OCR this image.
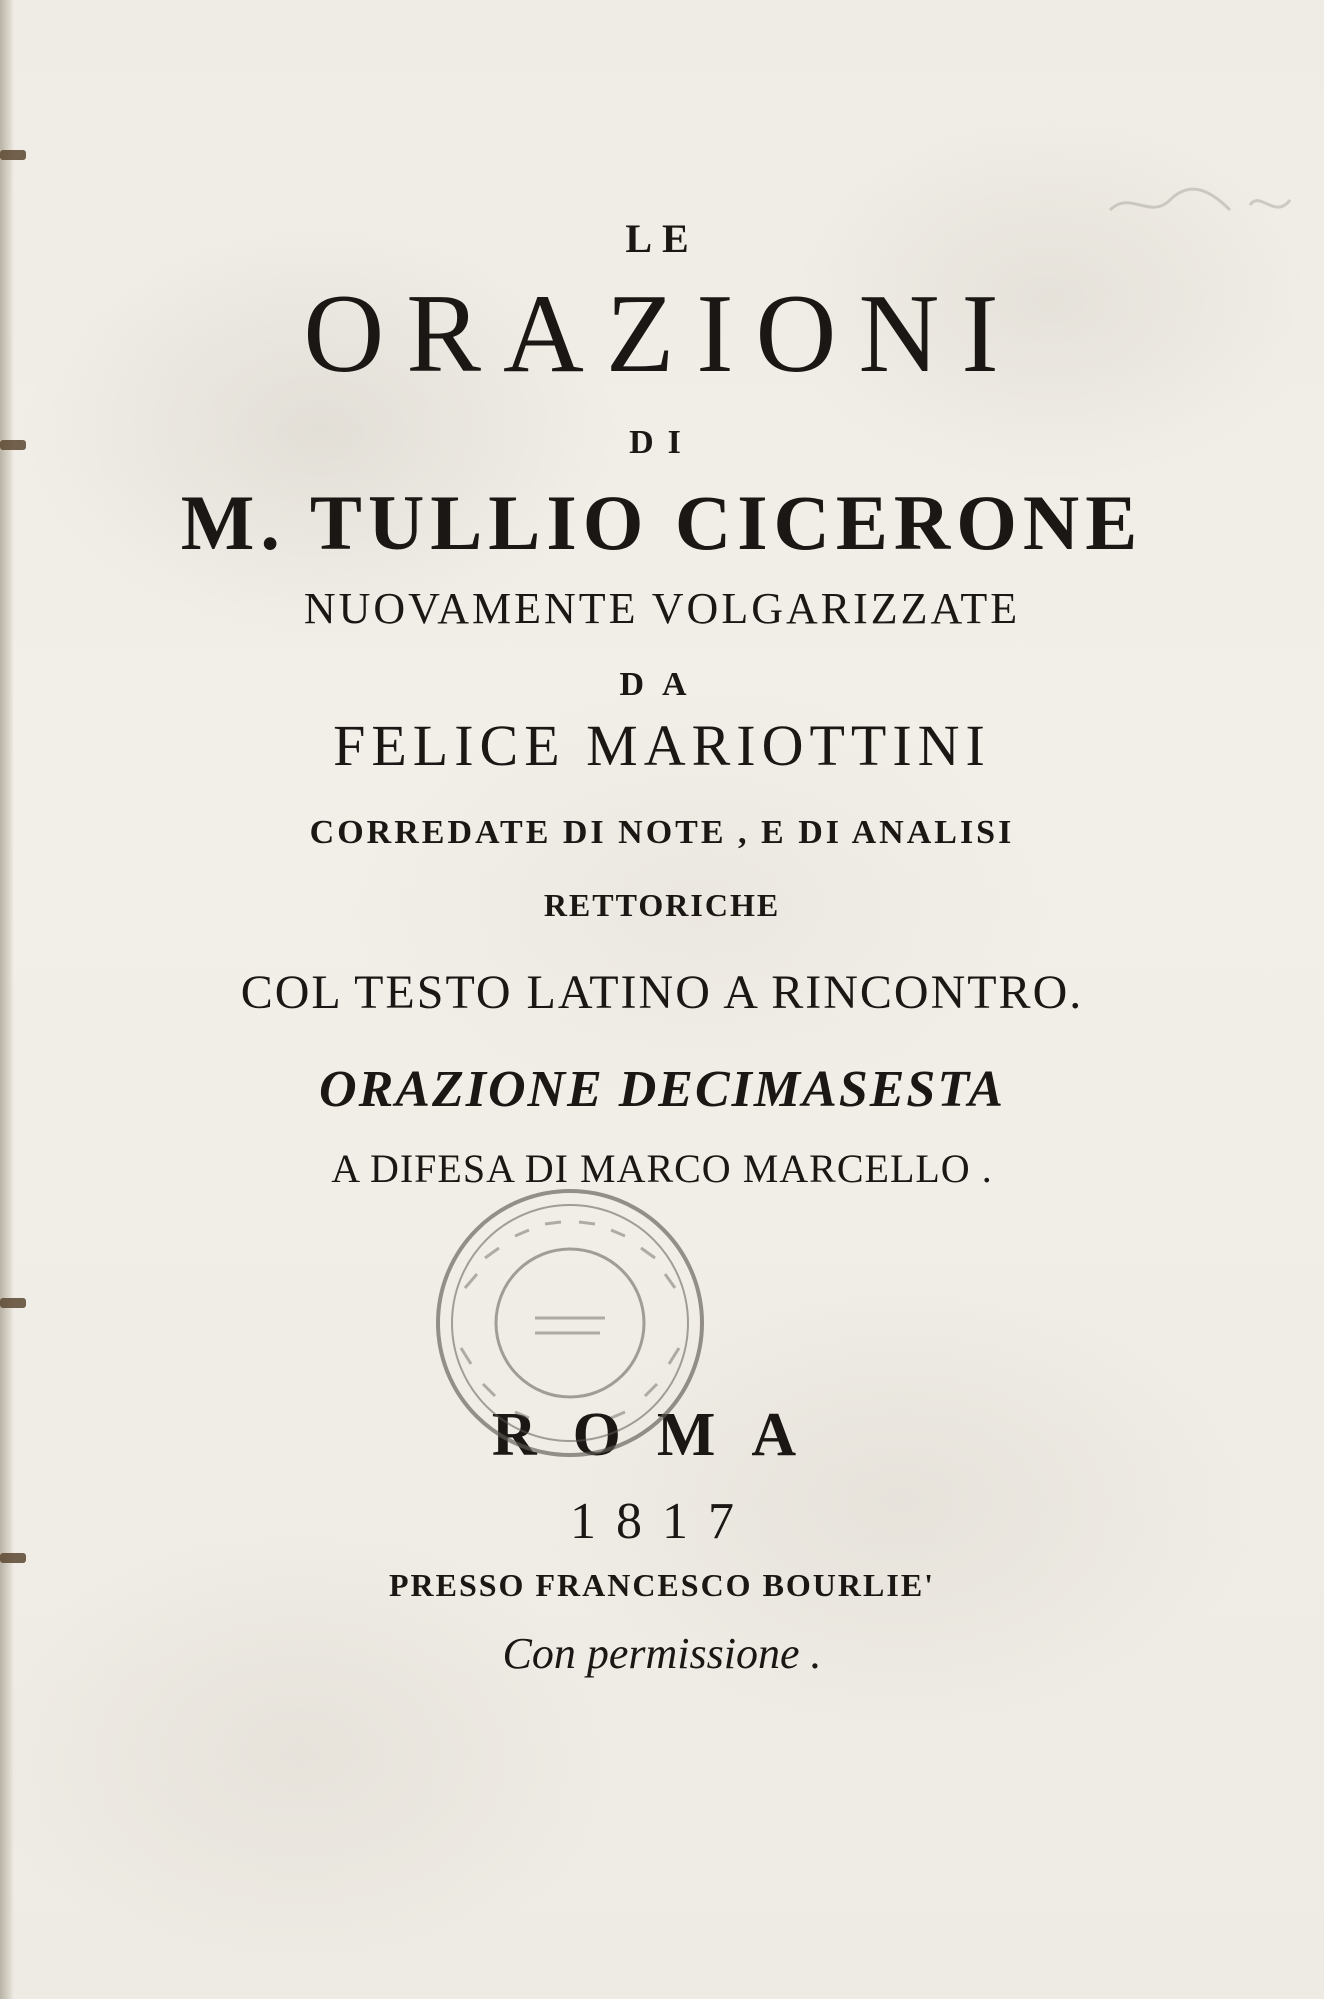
LE
ORAZIONI
DI
M. TULLIO CICERONE
NUOVAMENTE VOLGARIZZATE
DA
FELICE MARIOTTINI
CORREDATE DI NOTE , E DI ANALISI
RETTORICHE
COL TESTO LATINO A RINCONTRO.
ORAZIONE DECIMASESTA
A DIFESA DI MARCO MARCELLO .
ROMA
1817
PRESSO FRANCESCO BOURLIE'
Con permissione .
